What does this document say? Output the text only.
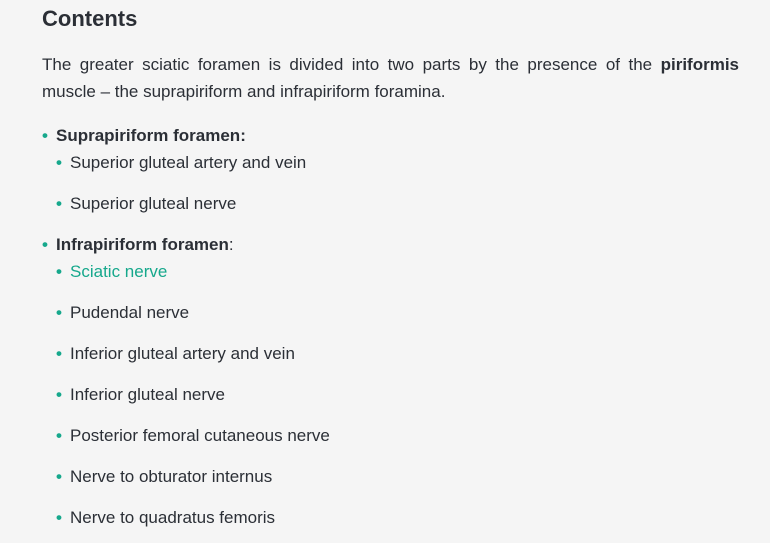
Contents

The greater sciatic foramen is divided into two parts by the presence of the piriformis muscle – the suprapiriform and infrapiriform foramina.

• Suprapiriform foramen:
• Superior gluteal artery and vein
• Superior gluteal nerve
• Infrapiriform foramen:
• Sciatic nerve
• Pudendal nerve
• Inferior gluteal artery and vein
• Inferior gluteal nerve
• Posterior femoral cutaneous nerve
• Nerve to obturator internus
• Nerve to quadratus femoris
